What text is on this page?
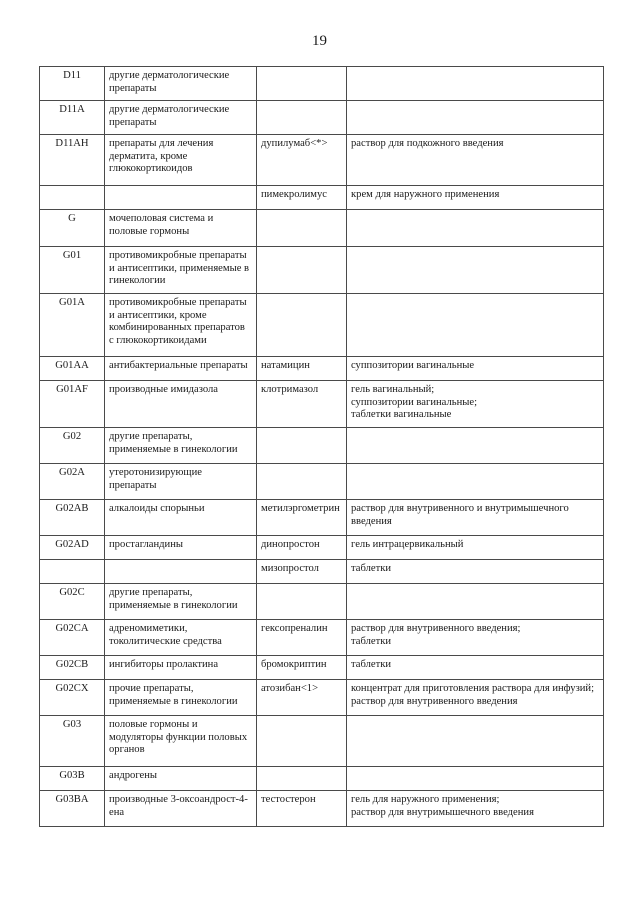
19
D11	другие дерматологические
препараты		

D11A	другие дерматологические
препараты		

D11AH	препараты для лечения
дерматита, кроме
глюкокортикоидов	дупилумаб<*>	раствор для подкожного введения

		пимекролимус	крем для наружного применения

G	мочеполовая система и
половые гормоны		

G01	противомикробные препараты
и антисептики, применяемые в
гинекологии		

G01A	противомикробные препараты
и антисептики, кроме
комбинированных препаратов
с глюкокортикоидами		

G01AA	антибактериальные препараты	натамицин	суппозитории вагинальные

G01AF	производные имидазола	клотримазол	гель вагинальный;
суппозитории вагинальные;
таблетки вагинальные

G02	другие препараты,
применяемые в гинекологии		

G02A	утеротонизирующие
препараты		

G02AB	алкалоиды спорыньи	метилэргометрин	раствор для внутривенного и внутримышечного
введения

G02AD	простагландины	динопростон	гель интрацервикальный

		мизопростол	таблетки

G02C	другие препараты,
применяемые в гинекологии		

G02CA	адреномиметики,
токолитические средства	гексопреналин	раствор для внутривенного введения;
таблетки

G02CB	ингибиторы пролактина	бромокриптин	таблетки

G02CX	прочие препараты,
применяемые в гинекологии	атозибан<1>	концентрат для приготовления раствора для инфузий;
раствор для внутривенного введения

G03	половые гормоны и
модуляторы функции половых
органов		

G03B	андрогены		

G03BA	производные 3-оксоандрост-4-
ена	тестостерон	гель для наружного применения;
раствор для внутримышечного введения
